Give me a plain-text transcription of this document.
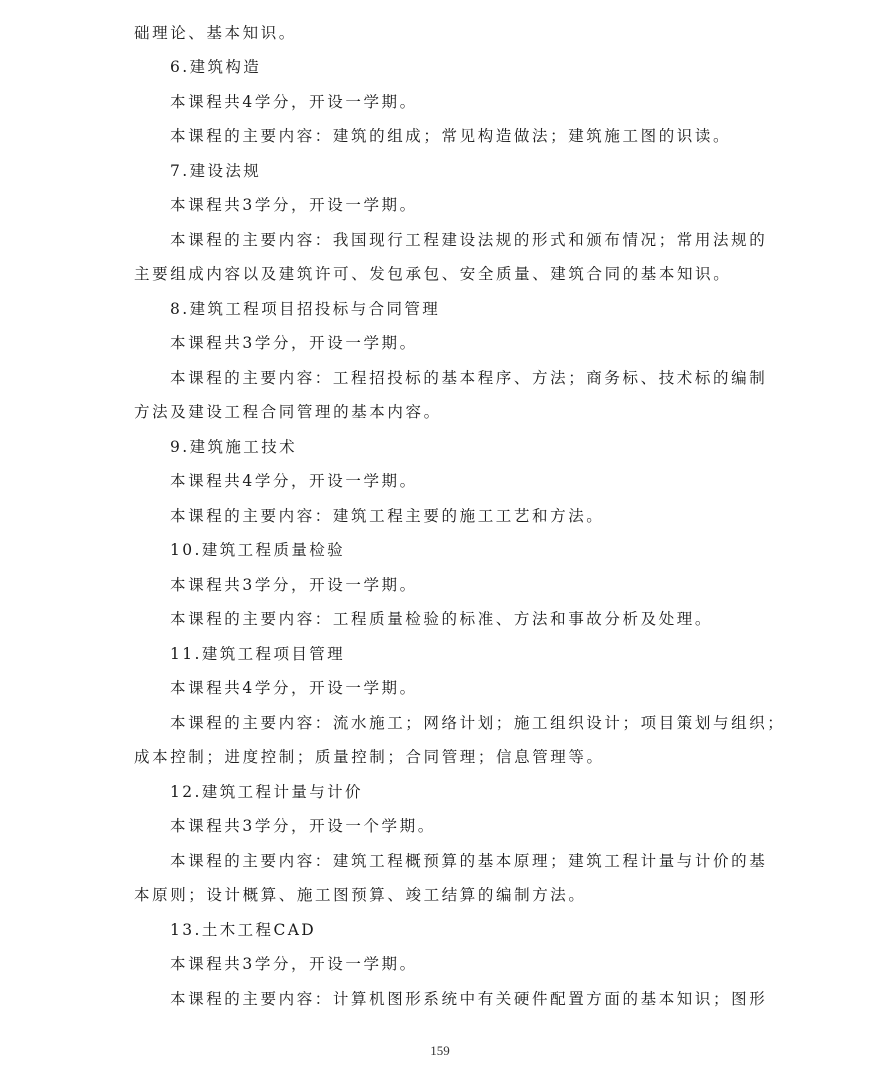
础理论、基本知识。
6.建筑构造
本课程共4学分，开设一学期。
本课程的主要内容：建筑的组成；常见构造做法；建筑施工图的识读。
7.建设法规
本课程共3学分，开设一学期。
本课程的主要内容：我国现行工程建设法规的形式和颁布情况；常用法规的
主要组成内容以及建筑许可、发包承包、安全质量、建筑合同的基本知识。
8.建筑工程项目招投标与合同管理
本课程共3学分，开设一学期。
本课程的主要内容：工程招投标的基本程序、方法；商务标、技术标的编制
方法及建设工程合同管理的基本内容。
9.建筑施工技术
本课程共4学分，开设一学期。
本课程的主要内容：建筑工程主要的施工工艺和方法。
10.建筑工程质量检验
本课程共3学分，开设一学期。
本课程的主要内容：工程质量检验的标准、方法和事故分析及处理。
11.建筑工程项目管理
本课程共4学分，开设一学期。
本课程的主要内容：流水施工；网络计划；施工组织设计；项目策划与组织；
成本控制；进度控制；质量控制；合同管理；信息管理等。
12.建筑工程计量与计价
本课程共3学分，开设一个学期。
本课程的主要内容：建筑工程概预算的基本原理；建筑工程计量与计价的基
本原则；设计概算、施工图预算、竣工结算的编制方法。
13.土木工程CAD
本课程共3学分，开设一学期。
本课程的主要内容：计算机图形系统中有关硬件配置方面的基本知识；图形
159
